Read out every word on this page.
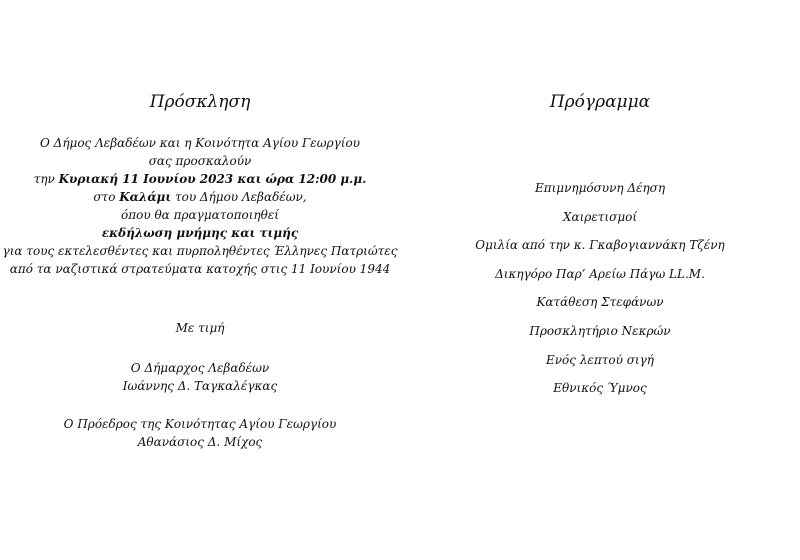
Πρόσκληση
Ο Δήμος Λεβαδέων και η Κοινότητα Αγίου Γεωργίου
σας προσκαλούν
την Κυριακή 11 Ιουνίου 2023 και ώρα 12:00 μ.μ.
στο Καλάμι του Δήμου Λεβαδέων,
όπου θα πραγματοποιηθεί
εκδήλωση μνήμης και τιμής
για τους εκτελεσθέντες και πυρποληθέντες Έλληνες Πατριώτες
από τα ναζιστικά στρατεύματα κατοχής στις 11 Ιουνίου 1944
Με τιμή
Ο Δήμαρχος Λεβαδέων
Ιωάννης Δ. Ταγκαλέγκας
Ο Πρόεδρος της Κοινότητας Αγίου Γεωργίου
Αθανάσιος Δ. Μίχος
Πρόγραμμα
Επιμνημόσυνη Δέηση
Χαιρετισμοί
Ομιλία από την κ. Γκαβογιαννάκη Τζένη
Δικηγόρο Παρ’ Αρείω Πάγω LL.M.
Κατάθεση Στεφάνων
Προσκλητήριο Νεκρών
Ενός λεπτού σιγή
Εθνικός Ύμνος
